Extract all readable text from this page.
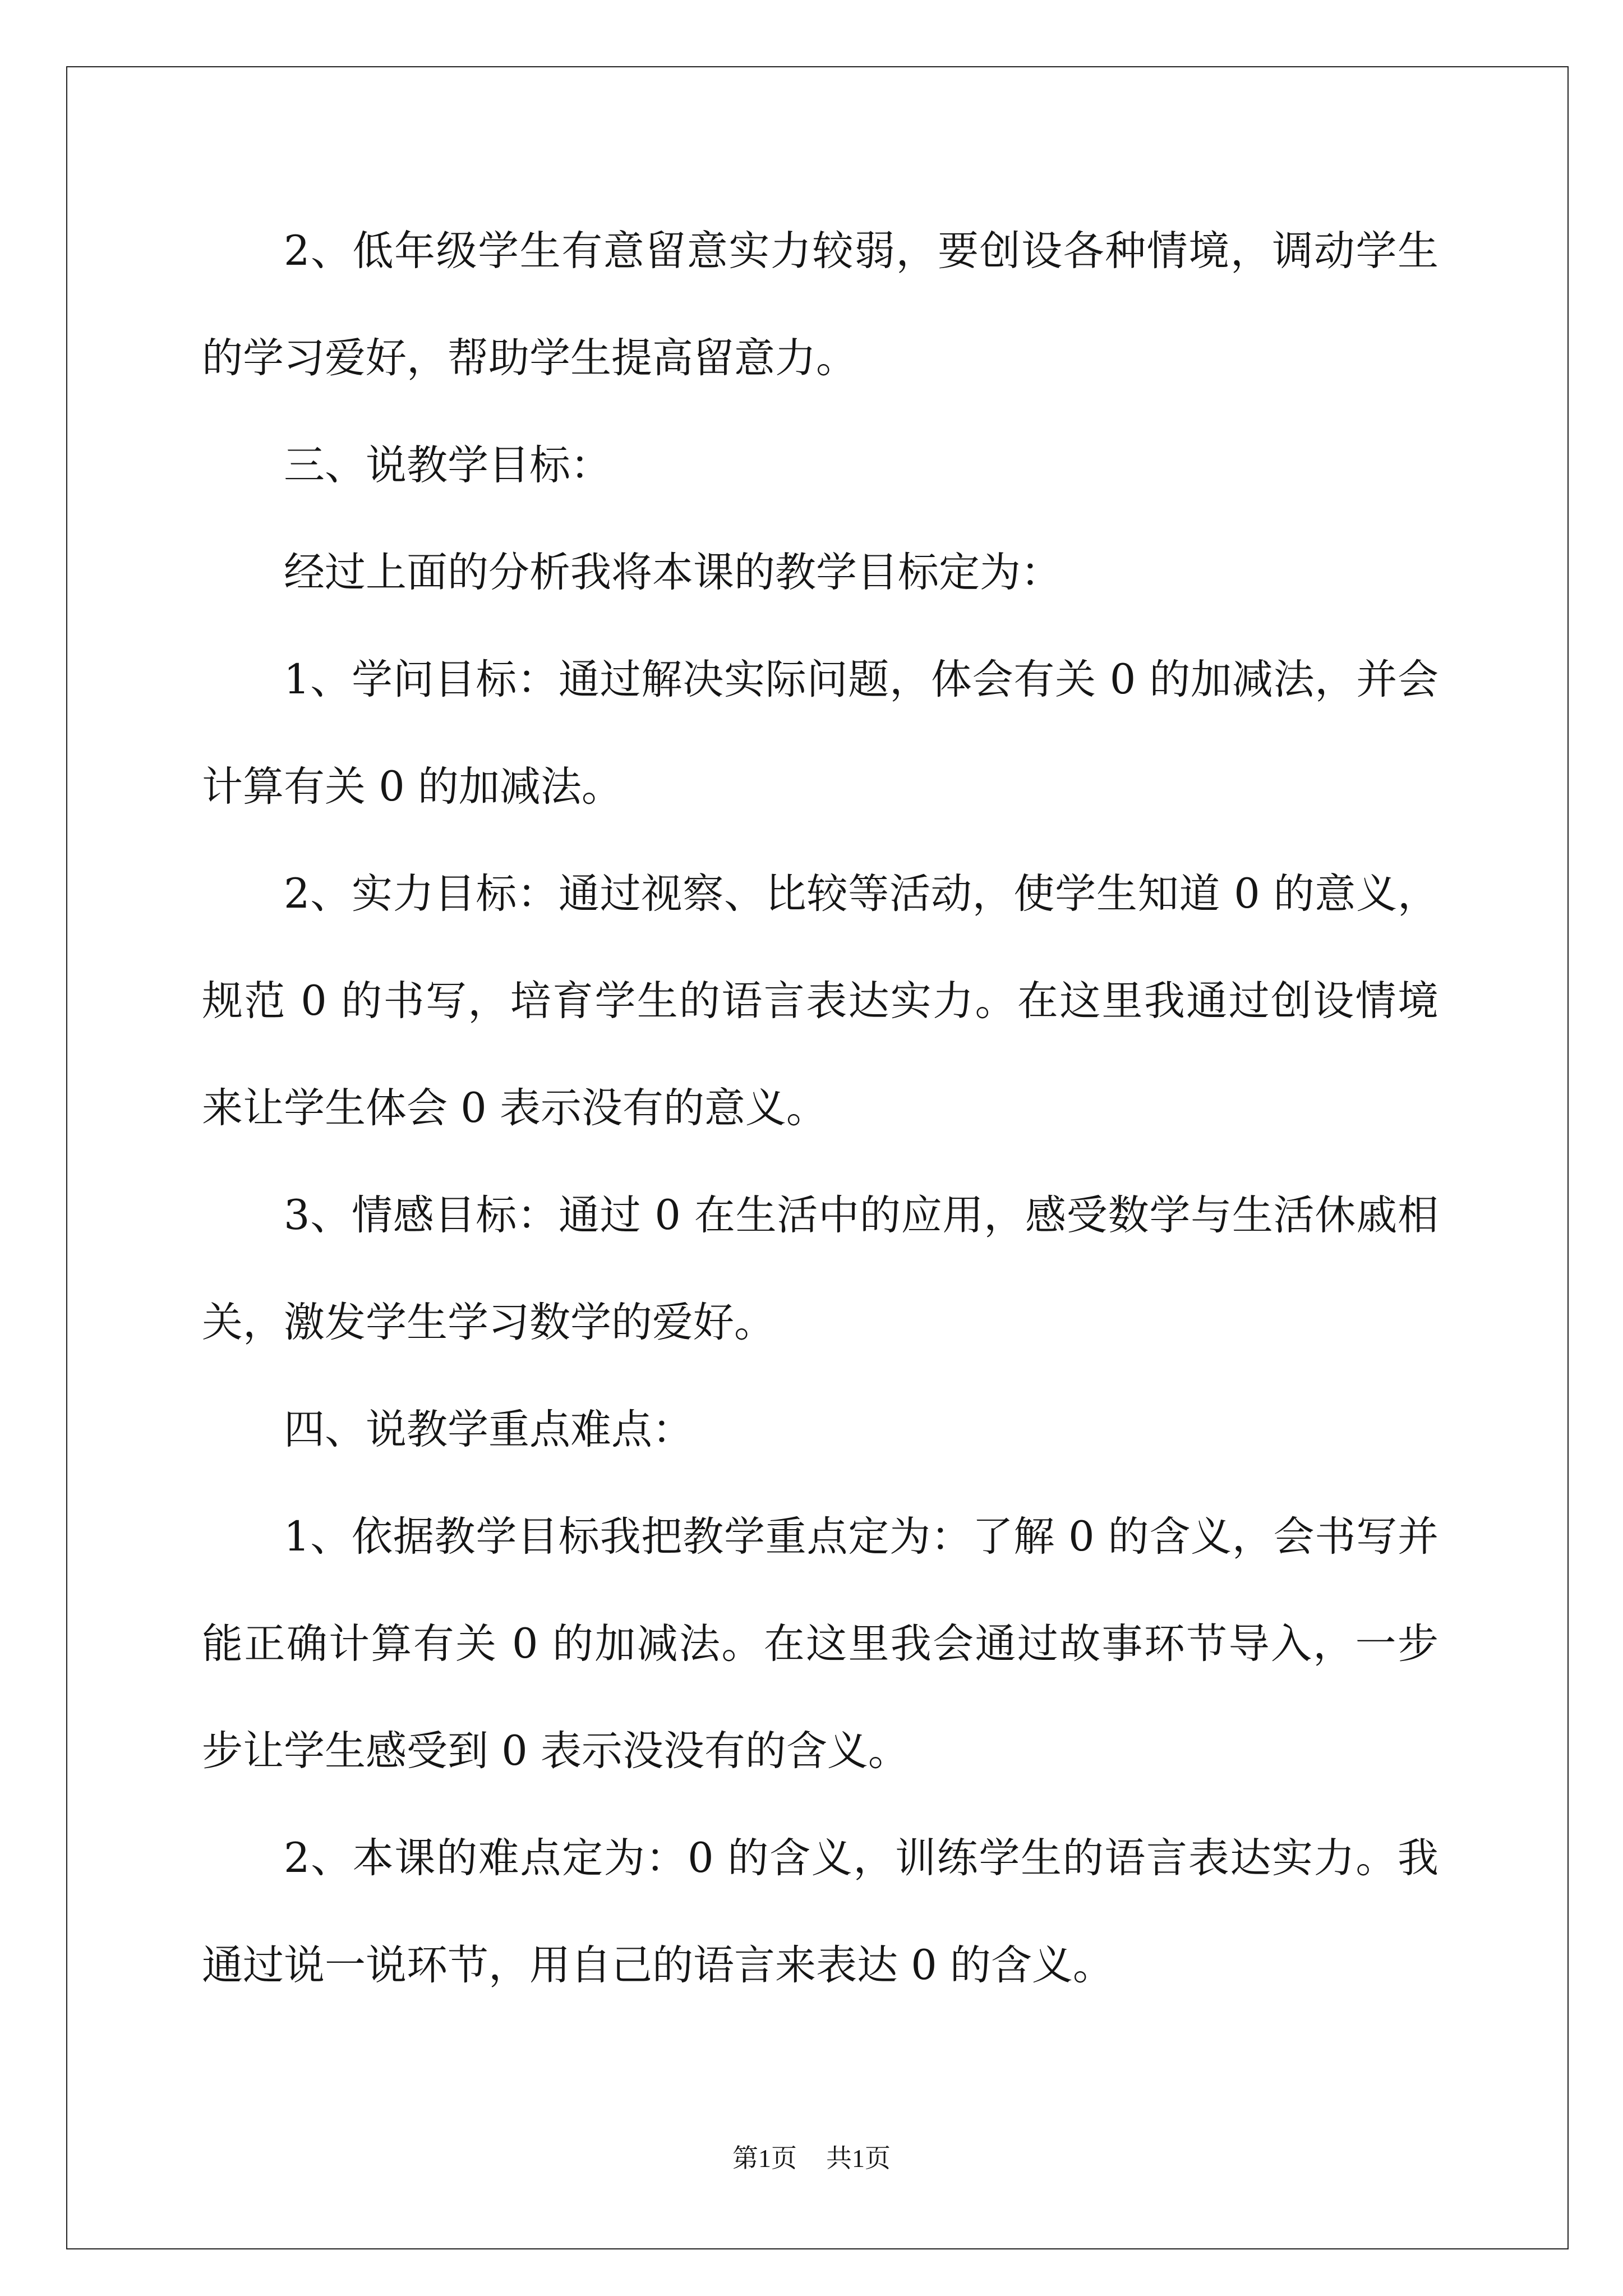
2、低年级学生有意留意实力较弱，要创设各种情境，调动学生的学习爱好，帮助学生提高留意力。

三、说教学目标：

经过上面的分析我将本课的教学目标定为：

1、学问目标：通过解决实际问题，体会有关 0 的加减法，并会计算有关 0 的加减法。

2、实力目标：通过视察、比较等活动，使学生知道 0 的意义，规范 0 的书写，培育学生的语言表达实力。在这里我通过创设情境来让学生体会 0 表示没有的意义。

3、情感目标：通过 0 在生活中的应用，感受数学与生活休戚相关，激发学生学习数学的爱好。

四、说教学重点难点：

1、依据教学目标我把教学重点定为：了解 0 的含义，会书写并能正确计算有关 0 的加减法。在这里我会通过故事环节导入，一步步让学生感受到 0 表示没没有的含义。

2、本课的难点定为：0 的含义，训练学生的语言表达实力。我通过说一说环节，用自己的语言来表达 0 的含义。

第1页 共1页
